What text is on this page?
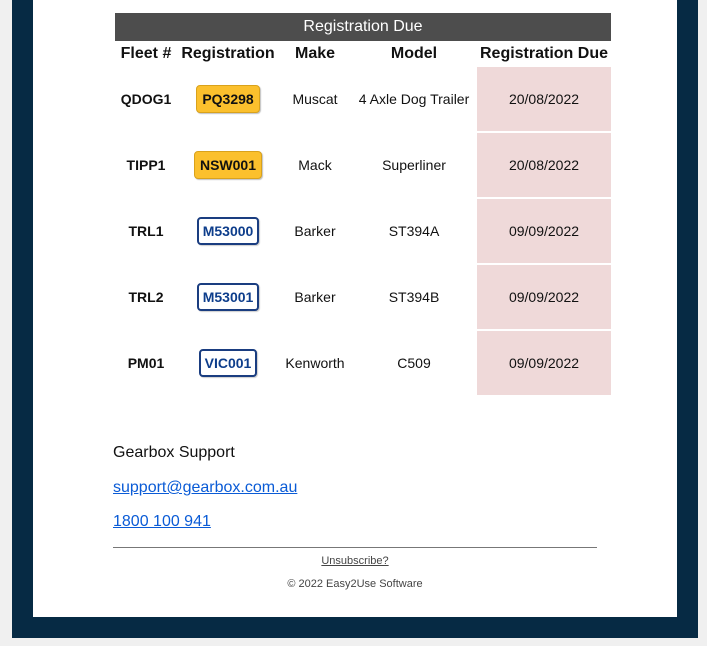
Registration Due
Fleet #	Registration	Make	Model	Registration Due
QDOG1	PQ3298	Muscat	4 Axle Dog Trailer	20/08/2022
TIPP1	NSW001	Mack	Superliner	20/08/2022
TRL1	M53000	Barker	ST394A	09/09/2022
TRL2	M53001	Barker	ST394B	09/09/2022
PM01	VIC001	Kenworth	C509	09/09/2022
Gearbox Support
support@gearbox.com.au
1800 100 941
Unsubscribe?
© 2022 Easy2Use Software
